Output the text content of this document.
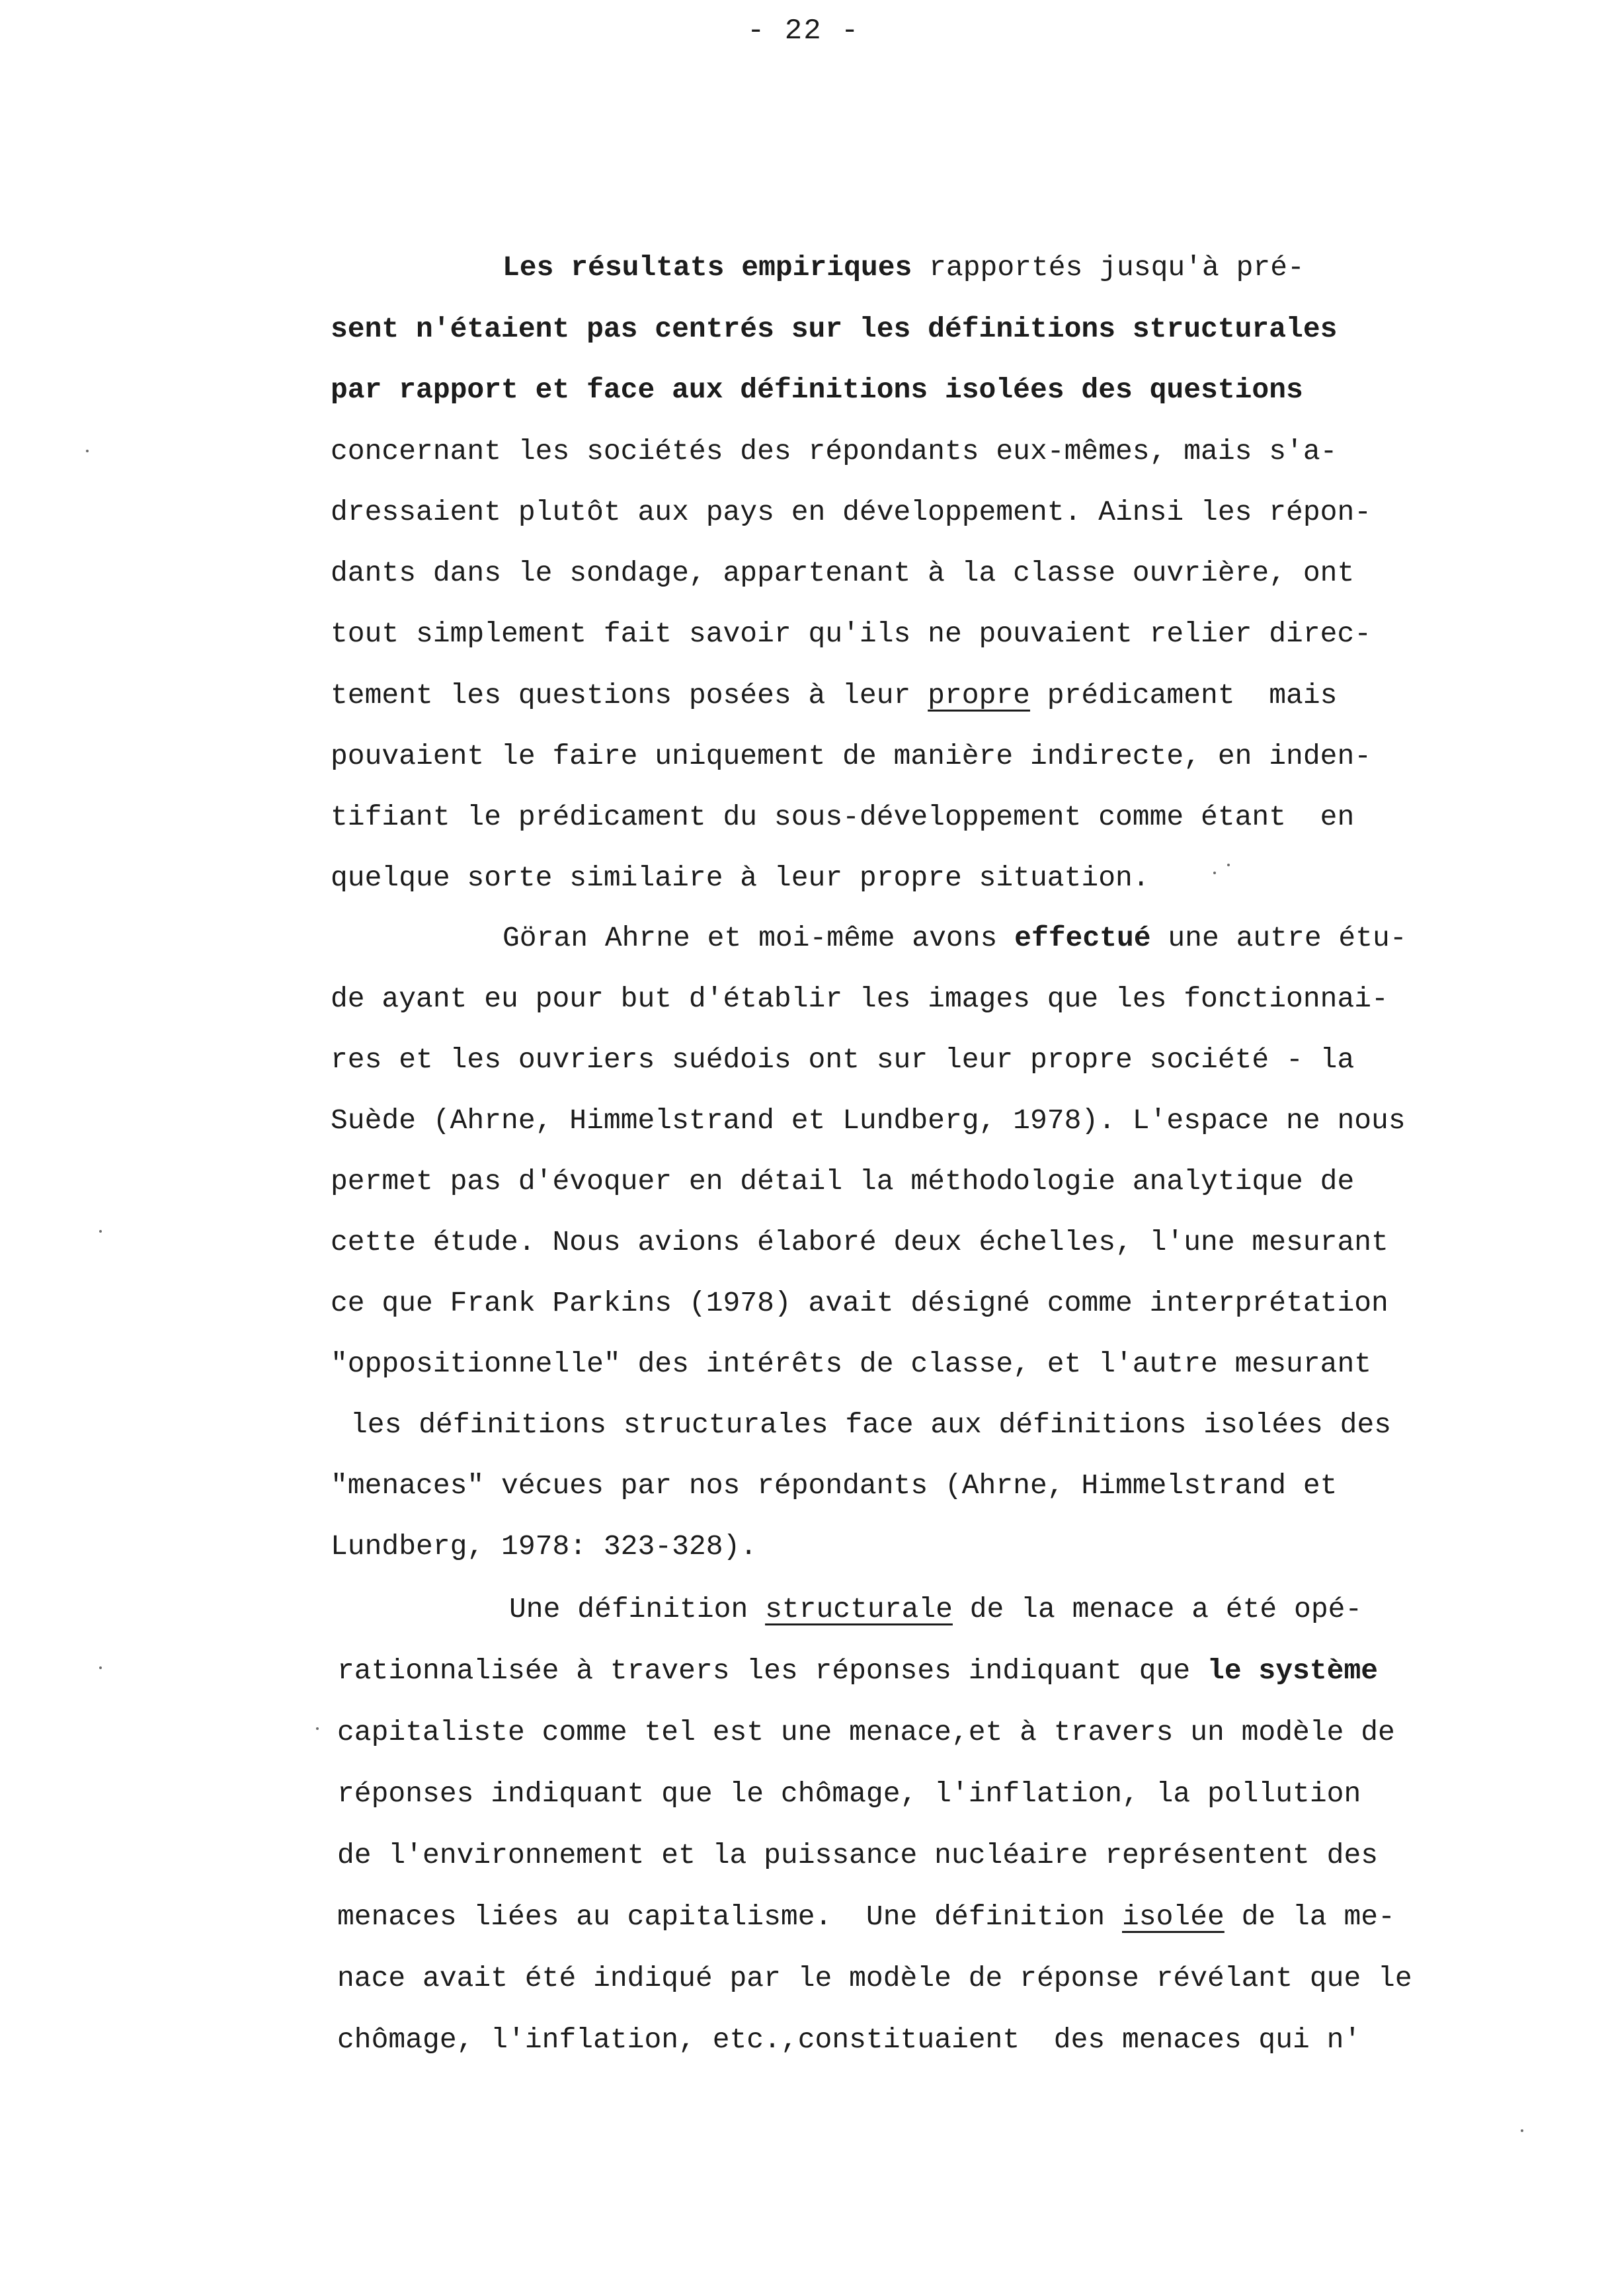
- 22 -
Les résultats empiriques rapportés jusqu'à pré-
sent n'étaient pas centrés sur les définitions structurales
par rapport et face aux définitions isolées des questions
concernant les sociétés des répondants eux-mêmes, mais s'a-
dressaient plutôt aux pays en développement. Ainsi les répon-
dants dans le sondage, appartenant à la classe ouvrière, ont
tout simplement fait savoir qu'ils ne pouvaient relier direc-
tement les questions posées à leur propre prédicament  mais
pouvaient le faire uniquement de manière indirecte, en inden-
tifiant le prédicament du sous-développement comme étant  en
quelque sorte similaire à leur propre situation.
Göran Ahrne et moi-même avons effectué une autre étu-
de ayant eu pour but d'établir les images que les fonctionnai-
res et les ouvriers suédois ont sur leur propre société - la
Suède (Ahrne, Himmelstrand et Lundberg, 1978). L'espace ne nous
permet pas d'évoquer en détail la méthodologie analytique de
cette étude. Nous avions élaboré deux échelles, l'une mesurant
ce que Frank Parkins (1978) avait désigné comme interprétation
"oppositionnelle" des intérêts de classe, et l'autre mesurant
les définitions structurales face aux définitions isolées des
"menaces" vécues par nos répondants (Ahrne, Himmelstrand et
Lundberg, 1978: 323-328).
Une définition structurale de la menace a été opé-
rationnalisée à travers les réponses indiquant que le système
capitaliste comme tel est une menace,et à travers un modèle de
réponses indiquant que le chômage, l'inflation, la pollution
de l'environnement et la puissance nucléaire représentent des
menaces liées au capitalisme.  Une définition isolée de la me-
nace avait été indiqué par le modèle de réponse révélant que le
chômage, l'inflation, etc.,constituaient  des menaces qui n'
